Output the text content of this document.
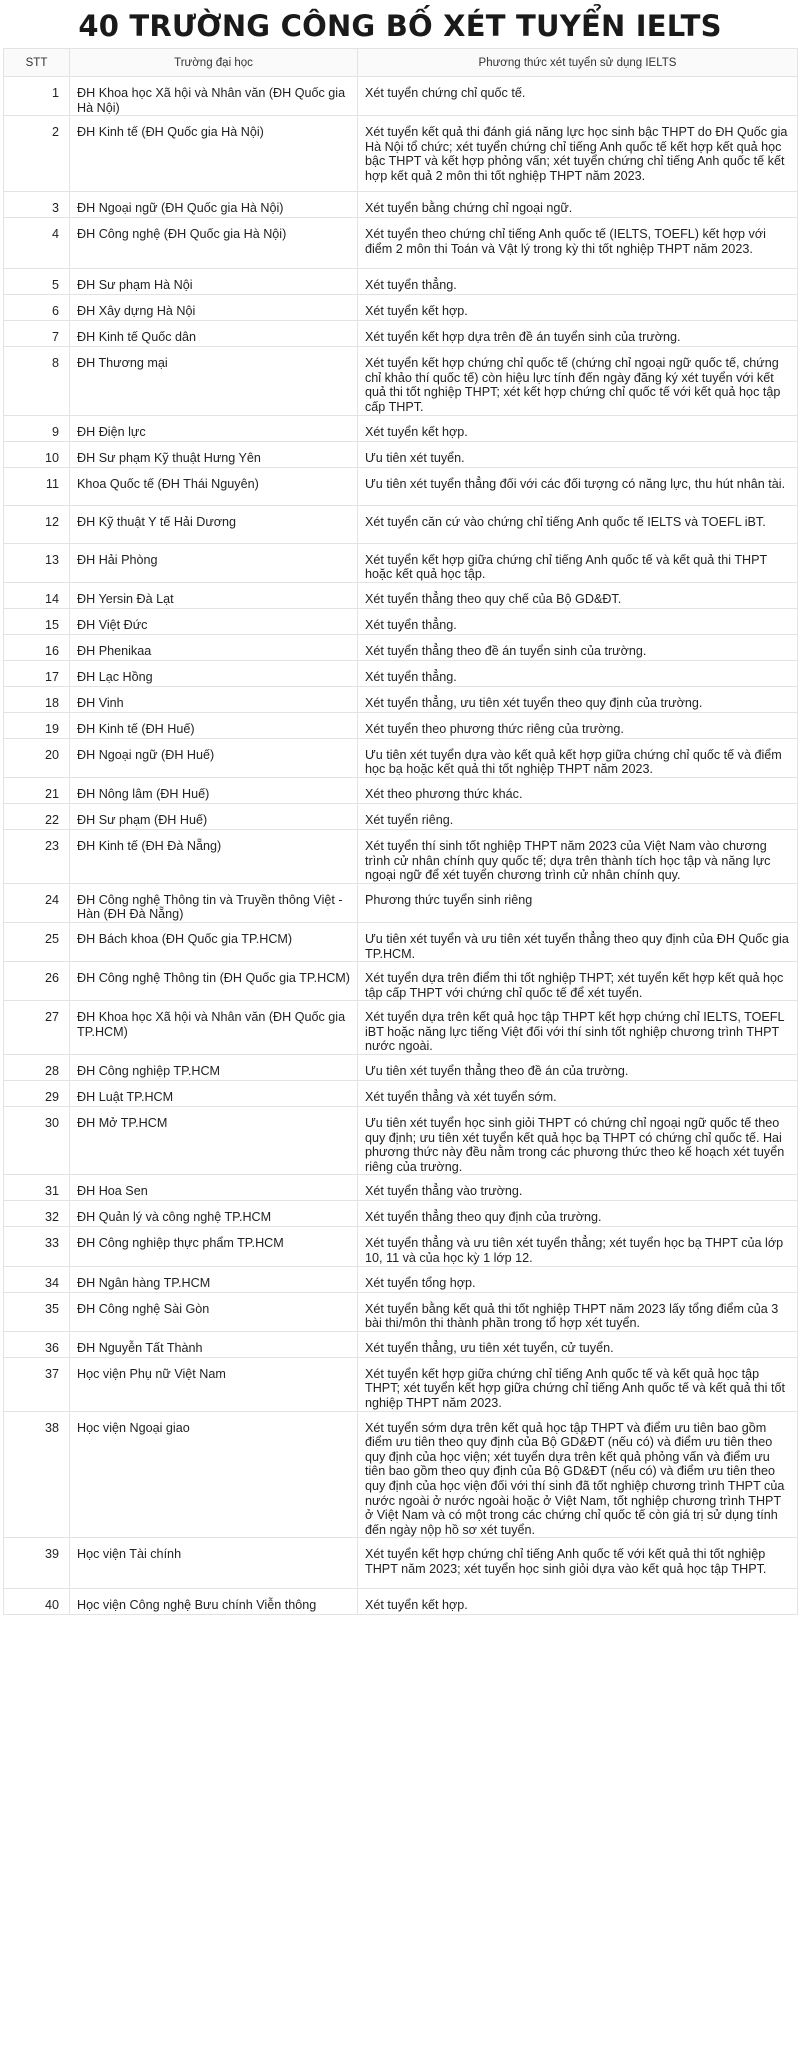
40 TRƯỜNG CÔNG BỐ XÉT TUYỂN IELTS
STT	Trường đại học	Phương thức xét tuyển sử dụng IELTS
1	ĐH Khoa học Xã hội và Nhân văn (ĐH Quốc gia Hà Nội)	Xét tuyển chứng chỉ quốc tế.
2	ĐH Kinh tế (ĐH Quốc gia Hà Nội)	Xét tuyển kết quả thi đánh giá năng lực học sinh bậc THPT do ĐH Quốc gia Hà Nội tổ chức; xét tuyển chứng chỉ tiếng Anh quốc tế kết hợp kết quả học bậc THPT và kết hợp phỏng vấn; xét tuyển chứng chỉ tiếng Anh quốc tế kết hợp kết quả 2 môn thi tốt nghiệp THPT năm 2023.
3	ĐH Ngoại ngữ (ĐH Quốc gia Hà Nội)	Xét tuyển bằng chứng chỉ ngoại ngữ.
4	ĐH Công nghệ (ĐH Quốc gia Hà Nội)	Xét tuyển theo chứng chỉ tiếng Anh quốc tế (IELTS, TOEFL) kết hợp với điểm 2 môn thi Toán và Vật lý trong kỳ thi tốt nghiệp THPT năm 2023.
5	ĐH Sư phạm Hà Nội	Xét tuyển thẳng.
6	ĐH Xây dựng Hà Nội	Xét tuyển kết hợp.
7	ĐH Kinh tế Quốc dân	Xét tuyển kết hợp dựa trên đề án tuyển sinh của trường.
8	ĐH Thương mại	Xét tuyển kết hợp chứng chỉ quốc tế (chứng chỉ ngoại ngữ quốc tế, chứng chỉ khảo thí quốc tế) còn hiệu lực tính đến ngày đăng ký xét tuyển với kết quả thi tốt nghiệp THPT; xét kết hợp chứng chỉ quốc tế với kết quả học tập cấp THPT.
9	ĐH Điện lực	Xét tuyển kết hợp.
10	ĐH Sư phạm Kỹ thuật Hưng Yên	Ưu tiên xét tuyển.
11	Khoa Quốc tế (ĐH Thái Nguyên)	Ưu tiên xét tuyển thẳng đối với các đối tượng có năng lực, thu hút nhân tài.
12	ĐH Kỹ thuật Y tế Hải Dương	Xét tuyển căn cứ vào chứng chỉ tiếng Anh quốc tế IELTS và TOEFL iBT.
13	ĐH Hải Phòng	Xét tuyển kết hợp giữa chứng chỉ tiếng Anh quốc tế và kết quả thi THPT hoặc kết quả học tập.
14	ĐH Yersin Đà Lạt	Xét tuyển thẳng theo quy chế của Bộ GD&ĐT.
15	ĐH Việt Đức	Xét tuyển thẳng.
16	ĐH Phenikaa	Xét tuyển thẳng theo đề án tuyển sinh của trường.
17	ĐH Lạc Hồng	Xét tuyển thẳng.
18	ĐH Vinh	Xét tuyển thẳng, ưu tiên xét tuyển theo quy định của trường.
19	ĐH Kinh tế (ĐH Huế)	Xét tuyển theo phương thức riêng của trường.
20	ĐH Ngoại ngữ (ĐH Huế)	Ưu tiên xét tuyển dựa vào kết quả kết hợp giữa chứng chỉ quốc tế và điểm học bạ hoặc kết quả thi tốt nghiệp THPT năm 2023.
21	ĐH Nông lâm (ĐH Huế)	Xét theo phương thức khác.
22	ĐH Sư phạm (ĐH Huế)	Xét tuyển riêng.
23	ĐH Kinh tế (ĐH Đà Nẵng)	Xét tuyển thí sinh tốt nghiệp THPT năm 2023 của Việt Nam vào chương trình cử nhân chính quy quốc tế; dựa trên thành tích học tập và năng lực ngoại ngữ để xét tuyển chương trình cử nhân chính quy.
24	ĐH Công nghệ Thông tin và Truyền thông Việt - Hàn (ĐH Đà Nẵng)	Phương thức tuyển sinh riêng
25	ĐH Bách khoa (ĐH Quốc gia TP.HCM)	Ưu tiên xét tuyển và ưu tiên xét tuyển thẳng theo quy định của ĐH Quốc gia TP.HCM.
26	ĐH Công nghệ Thông tin (ĐH Quốc gia TP.HCM)	Xét tuyển dựa trên điểm thi tốt nghiệp THPT; xét tuyển kết hợp kết quả học tập cấp THPT với chứng chỉ quốc tế để xét tuyển.
27	ĐH Khoa học Xã hội và Nhân văn (ĐH Quốc gia TP.HCM)	Xét tuyển dựa trên kết quả học tập THPT kết hợp chứng chỉ IELTS, TOEFL iBT hoặc năng lực tiếng Việt đối với thí sinh tốt nghiệp chương trình THPT nước ngoài.
28	ĐH Công nghiệp TP.HCM	Ưu tiên xét tuyển thẳng theo đề án của trường.
29	ĐH Luật TP.HCM	Xét tuyển thẳng và xét tuyển sớm.
30	ĐH Mở TP.HCM	Ưu tiên xét tuyển học sinh giỏi THPT có chứng chỉ ngoại ngữ quốc tế theo quy định; ưu tiên xét tuyển kết quả học bạ THPT có chứng chỉ quốc tế. Hai phương thức này đều nằm trong các phương thức theo kế hoạch xét tuyển riêng của trường.
31	ĐH Hoa Sen	Xét tuyển thẳng vào trường.
32	ĐH Quản lý và công nghệ TP.HCM	Xét tuyển thẳng theo quy định của trường.
33	ĐH Công nghiệp thực phẩm TP.HCM	Xét tuyển thẳng và ưu tiên xét tuyển thẳng; xét tuyển học bạ THPT của lớp 10, 11 và của học kỳ 1 lớp 12.
34	ĐH Ngân hàng TP.HCM	Xét tuyển tổng hợp.
35	ĐH Công nghệ Sài Gòn	Xét tuyển bằng kết quả thi tốt nghiệp THPT năm 2023 lấy tổng điểm của 3 bài thi/môn thi thành phần trong tổ hợp xét tuyển.
36	ĐH Nguyễn Tất Thành	Xét tuyển thẳng, ưu tiên xét tuyển, cử tuyển.
37	Học viện Phụ nữ Việt Nam	Xét tuyển kết hợp giữa chứng chỉ tiếng Anh quốc tế và kết quả học tập THPT; xét tuyển kết hợp giữa chứng chỉ tiếng Anh quốc tế và kết quả thi tốt nghiệp THPT năm 2023.
38	Học viện Ngoại giao	Xét tuyển sớm dựa trên kết quả học tập THPT và điểm ưu tiên bao gồm điểm ưu tiên theo quy định của Bộ GD&ĐT (nếu có) và điểm ưu tiên theo quy định của học viện; xét tuyển dựa trên kết quả phỏng vấn và điểm ưu tiên bao gồm theo quy định của Bộ GD&ĐT (nếu có) và điểm ưu tiên theo quy định của học viện đối với thí sinh đã tốt nghiệp chương trình THPT của nước ngoài ở nước ngoài hoặc ở Việt Nam, tốt nghiệp chương trình THPT ở Việt Nam và có một trong các chứng chỉ quốc tế còn giá trị sử dụng tính đến ngày nộp hồ sơ xét tuyển.
39	Học viện Tài chính	Xét tuyển kết hợp chứng chỉ tiếng Anh quốc tế với kết quả thi tốt nghiệp THPT năm 2023; xét tuyển học sinh giỏi dựa vào kết quả học tập THPT.
40	Học viện Công nghệ Bưu chính Viễn thông	Xét tuyển kết hợp.
